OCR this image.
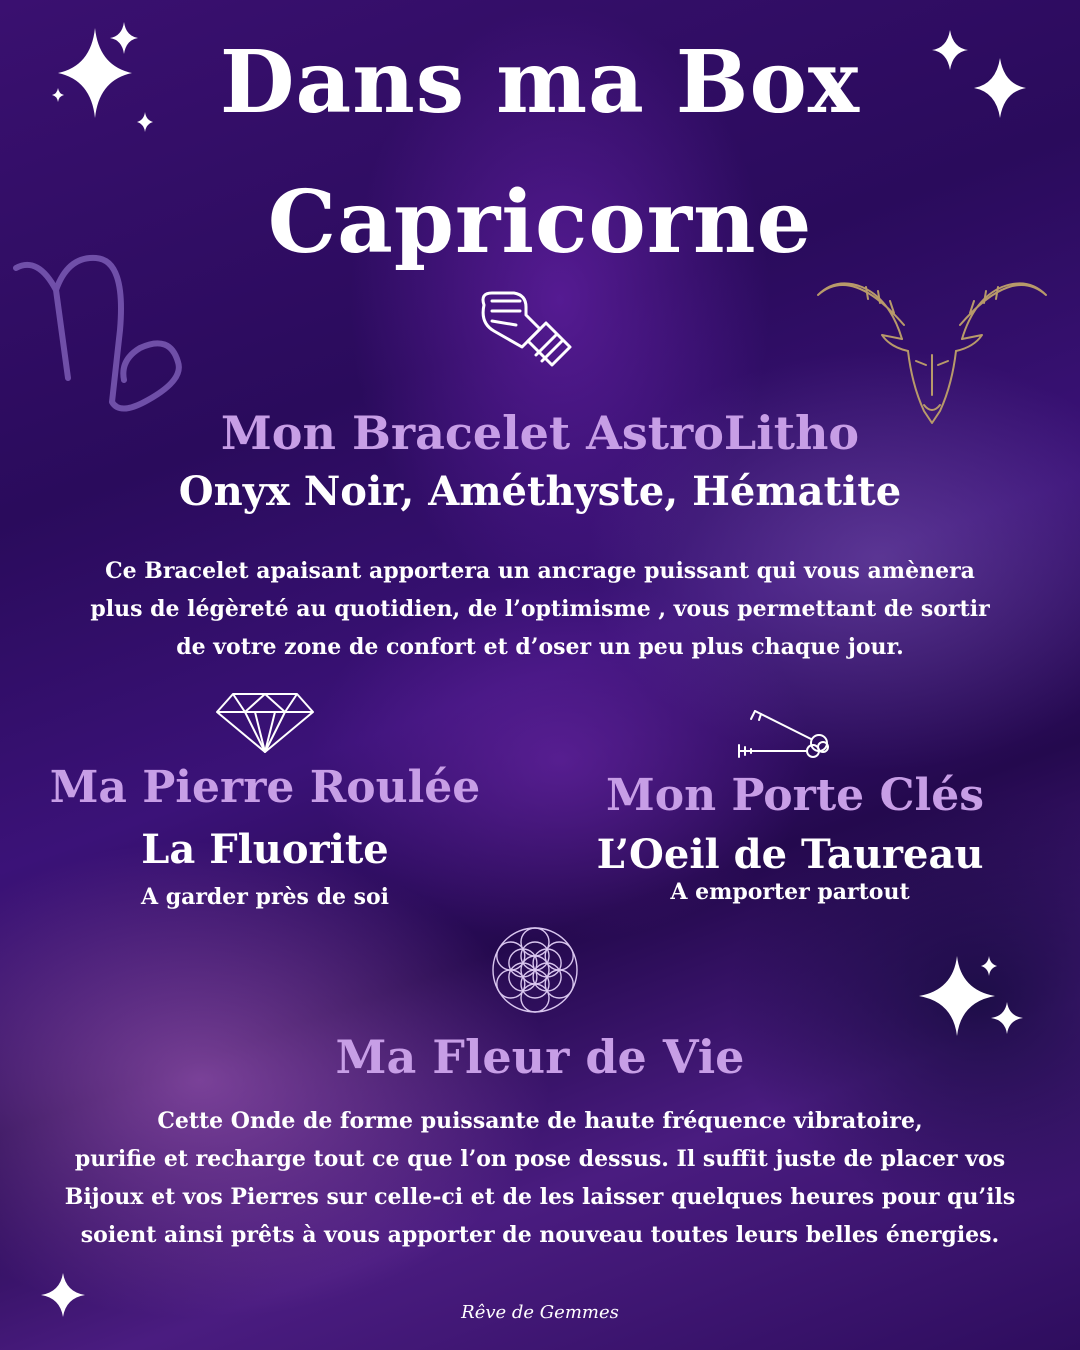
Dans ma Box
Capricorne
Mon Bracelet AstroLitho
Onyx Noir, Améthyste, Hématite
Ce Bracelet apaisant apportera un ancrage puissant qui vous amènera
plus de légèreté au quotidien, de l’optimisme , vous permettant de sortir
de votre zone de confort et d’oser un peu plus chaque jour.
Ma Pierre Roulée
La Fluorite
A garder près de soi
Mon Porte Clés
L’Oeil de Taureau
A emporter partout
Ma Fleur de Vie
Cette Onde de forme puissante de haute fréquence vibratoire,
purifie et recharge tout ce que l’on pose dessus. Il suffit juste de placer vos
Bijoux et vos Pierres sur celle-ci et de les laisser quelques heures pour qu’ils
soient ainsi prêts à vous apporter de nouveau toutes leurs belles énergies.
Rêve de Gemmes
